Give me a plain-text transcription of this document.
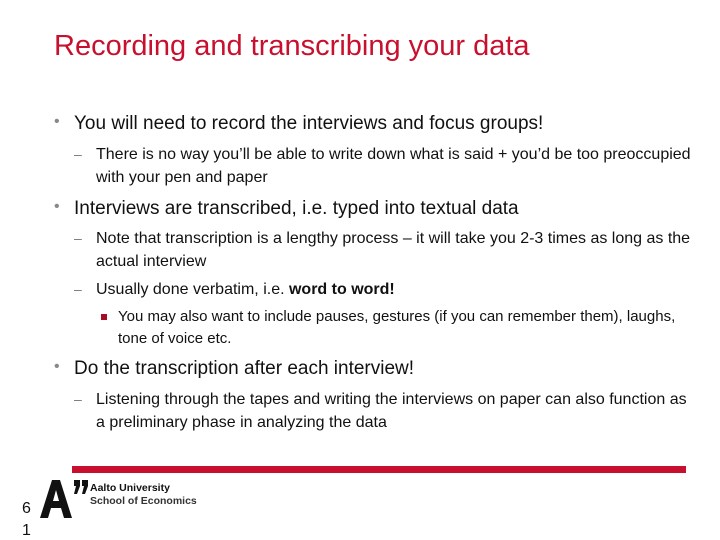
Recording and transcribing your data
• You will need to record the interviews and focus groups!
– There is no way you’ll be able to write down what is said + you’d be too preoccupied with your pen and paper
• Interviews are transcribed, i.e. typed into textual data
– Note that transcription is a lengthy process – it will take you 2-3 times as long as the actual interview
– Usually done verbatim, i.e. word to word!
You may also want to include pauses, gestures (if you can remember them), laughs, tone of voice etc.
• Do the transcription after each interview!
– Listening through the tapes and writing the interviews on paper can also function as a preliminary phase in analyzing the data
Aalto University
School of Economics
6
1
